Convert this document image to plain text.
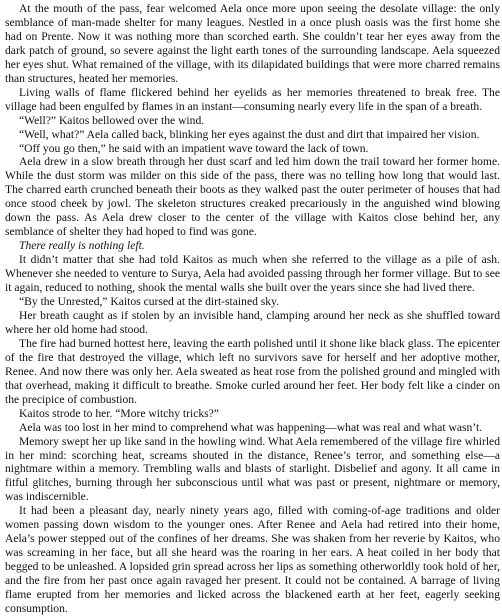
At the mouth of the pass, fear welcomed Aela once more upon seeing the desolate village: the only semblance of man-made shelter for many leagues. Nestled in a once plush oasis was the first home she had on Prente. Now it was nothing more than scorched earth. She couldn’t tear her eyes away from the dark patch of ground, so severe against the light earth tones of the surrounding landscape. Aela squeezed her eyes shut. What remained of the village, with its dilapidated buildings that were more charred remains than structures, heated her memories.

Living walls of flame flickered behind her eyelids as her memories threatened to break free. The village had been engulfed by flames in an instant—consuming nearly every life in the span of a breath.

“Well?” Kaitos bellowed over the wind.

“Well, what?” Aela called back, blinking her eyes against the dust and dirt that impaired her vision.

“Off you go then,” he said with an impatient wave toward the lack of town.

Aela drew in a slow breath through her dust scarf and led him down the trail toward her former home. While the dust storm was milder on this side of the pass, there was no telling how long that would last. The charred earth crunched beneath their boots as they walked past the outer perimeter of houses that had once stood cheek by jowl. The skeleton structures creaked precariously in the anguished wind blowing down the pass. As Aela drew closer to the center of the village with Kaitos close behind her, any semblance of shelter they had hoped to find was gone.

There really is nothing left.

It didn’t matter that she had told Kaitos as much when she referred to the village as a pile of ash. Whenever she needed to venture to Surya, Aela had avoided passing through her former village. But to see it again, reduced to nothing, shook the mental walls she built over the years since she had lived there.

“By the Unrested,” Kaitos cursed at the dirt-stained sky.

Her breath caught as if stolen by an invisible hand, clamping around her neck as she shuffled toward where her old home had stood.

The fire had burned hottest here, leaving the earth polished until it shone like black glass. The epicenter of the fire that destroyed the village, which left no survivors save for herself and her adoptive mother, Renee. And now there was only her. Aela sweated as heat rose from the polished ground and mingled with that overhead, making it difficult to breathe. Smoke curled around her feet. Her body felt like a cinder on the precipice of combustion.

Kaitos strode to her. “More witchy tricks?”

Aela was too lost in her mind to comprehend what was happening—what was real and what wasn’t.

Memory swept her up like sand in the howling wind. What Aela remembered of the village fire whirled in her mind: scorching heat, screams shouted in the distance, Renee’s terror, and something else—a nightmare within a memory. Trembling walls and blasts of starlight. Disbelief and agony. It all came in fitful glitches, burning through her subconscious until what was past or present, nightmare or memory, was indiscernible.

It had been a pleasant day, nearly ninety years ago, filled with coming-of-age traditions and older women passing down wisdom to the younger ones. After Renee and Aela had retired into their home, Aela’s power stepped out of the confines of her dreams. She was shaken from her reverie by Kaitos, who was screaming in her face, but all she heard was the roaring in her ears. A heat coiled in her body that begged to be unleashed. A lopsided grin spread across her lips as something otherworldly took hold of her, and the fire from her past once again ravaged her present. It could not be contained. A barrage of living flame erupted from her memories and licked across the blackened earth at her feet, eagerly seeking consumption.
